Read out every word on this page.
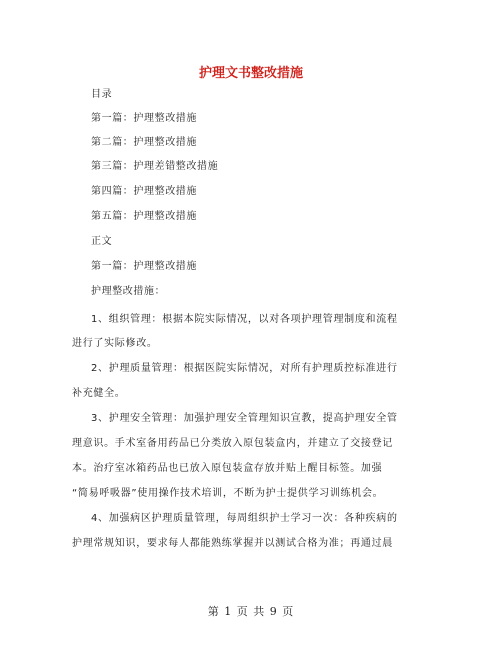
护理文书整改措施
目录
第一篇：护理整改措施
第二篇：护理整改措施
第三篇：护理差错整改措施
第四篇：护理整改措施
第五篇：护理整改措施
正文
第一篇：护理整改措施
护理整改措施：
1、组织管理：根据本院实际情况，以对各项护理管理制度和流程
进行了实际修改。
2、护理质量管理：根据医院实际情况，对所有护理质控标准进行
补充健全。
3、护理安全管理：加强护理安全管理知识宣教，提高护理安全管
理意识。手术室备用药品已分类放入原包装盒内，并建立了交接登记
本。治疗室冰箱药品也已放入原包装盒存放并贴上醒目标签。加强
“简易呼吸器”使用操作技术培训，不断为护士提供学习训练机会。
4、加强病区护理质量管理，每周组织护士学习一次：各种疾病的
护理常规知识，要求每人都能熟练掌握并以测试合格为准；再通过晨
第 1 页 共 9 页
